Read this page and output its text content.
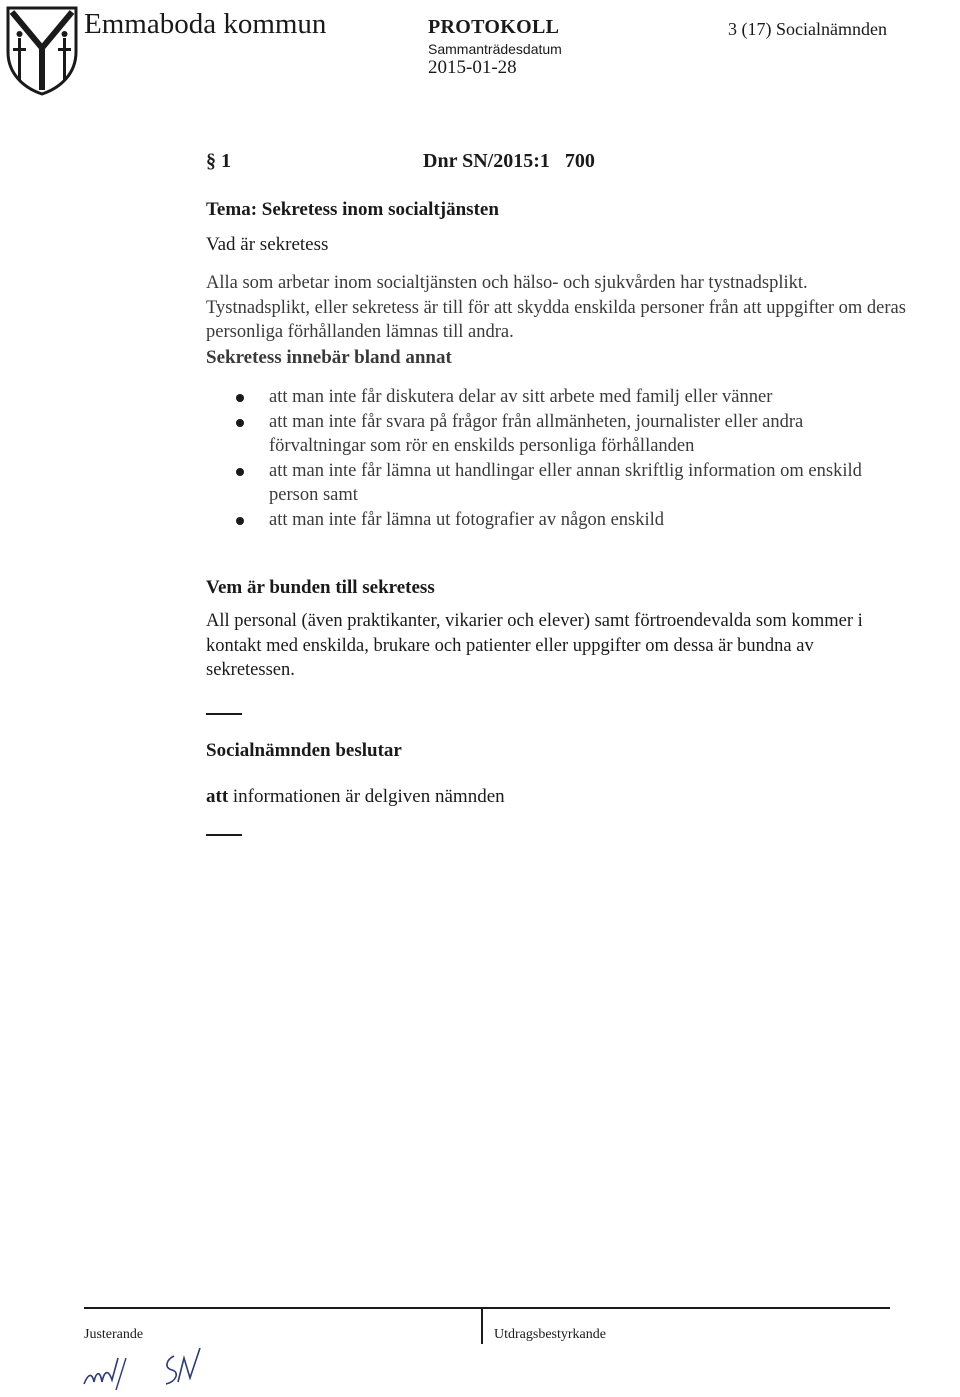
Emmaboda kommun	PROTOKOLL
Sammanträdesdatum
2015-01-28
3 (17) Socialnämnden
§ 1	Dnr SN/2015:1   700
Tema: Sekretess inom socialtjänsten
Vad är sekretess
Alla som arbetar inom socialtjänsten och hälso- och sjukvården har tystnadsplikt. Tystnadsplikt, eller sekretess är till för att skydda enskilda personer från att uppgifter om deras personliga förhållanden lämnas till andra.
Sekretess innebär bland annat
att man inte får diskutera delar av sitt arbete med familj eller vänner
att man inte får svara på frågor från allmänheten, journalister eller andra förvaltningar som rör en enskilds personliga förhållanden
att man inte får lämna ut handlingar eller annan skriftlig information om enskild person samt
att man inte får lämna ut fotografier av någon enskild
Vem är bunden till sekretess
All personal (även praktikanter, vikarier och elever) samt förtroendevalda som kommer i kontakt med enskilda, brukare och patienter eller uppgifter om dessa är bundna av sekretessen.
Socialnämnden beslutar
att informationen är delgiven nämnden
Justerande	Utdragsbestyrkande
